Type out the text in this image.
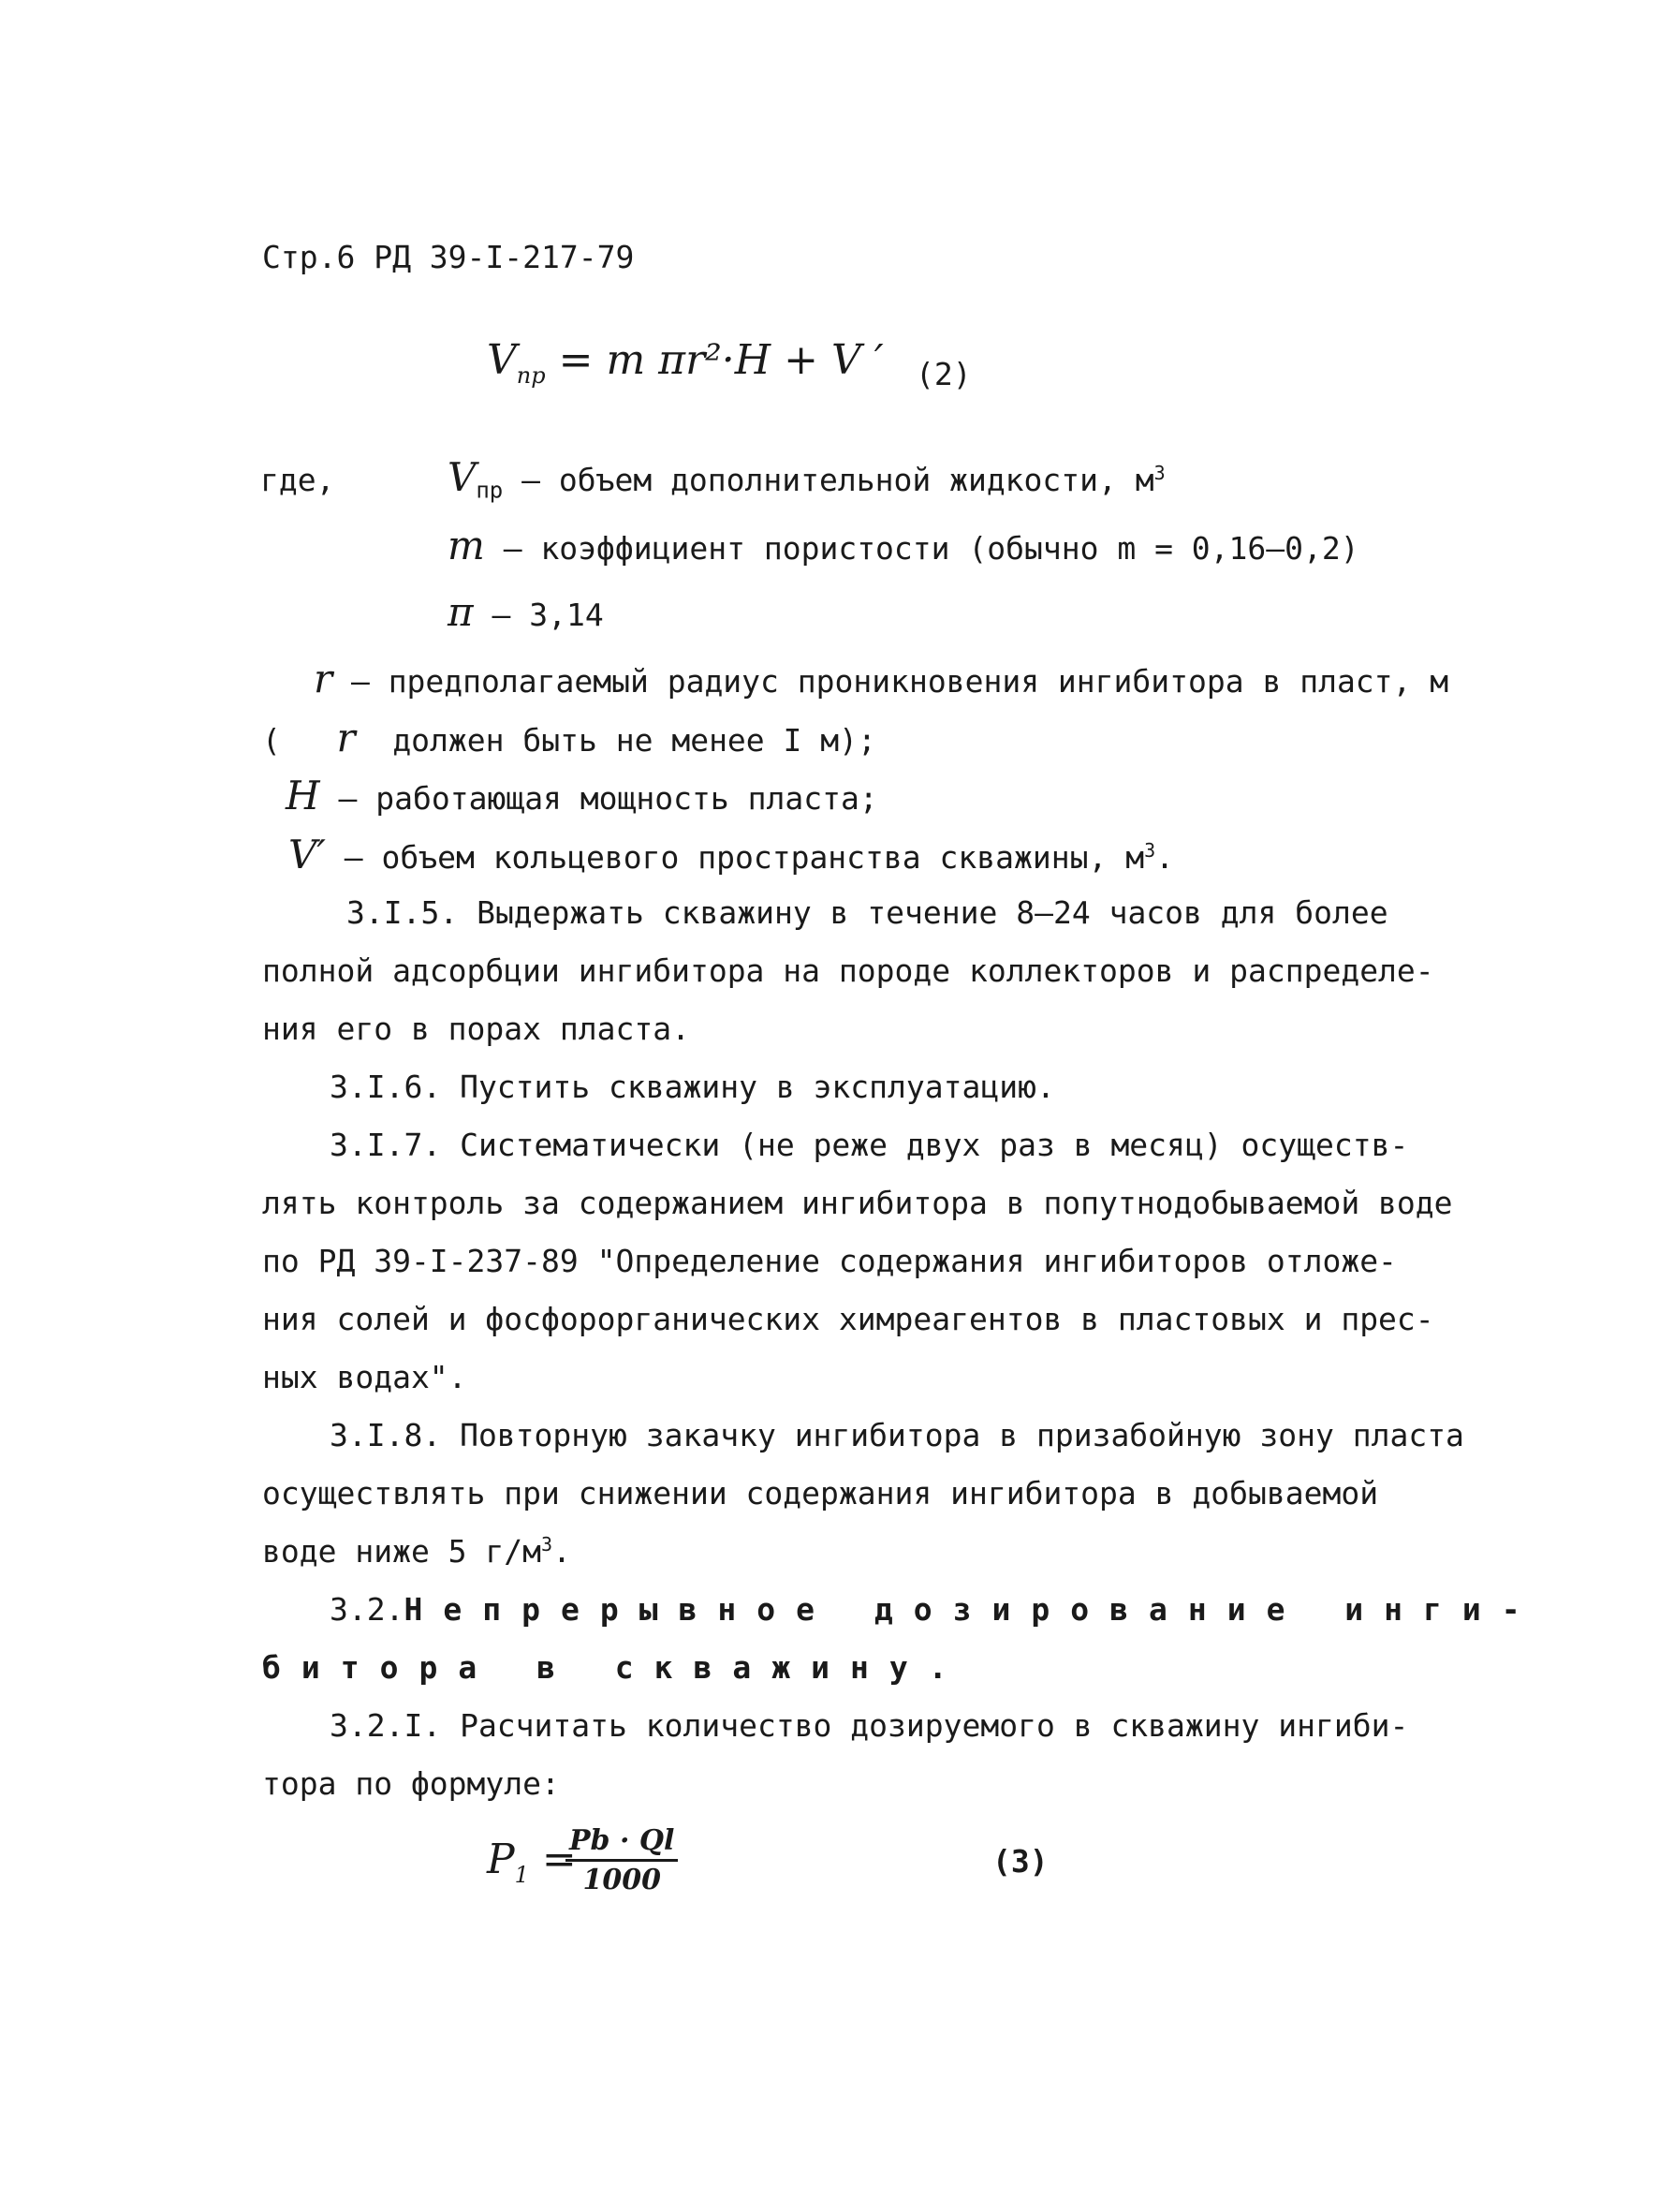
Стр.6 РД 39-I-217-79
$V_{пр} = m$ πr²·H + V ′ (2)
где,	$V_{пр}$ – объем дополнительной жидкости, $м^3$
m – коэффициент пористости (обычно m = 0,16–0,2)
π – 3,14
r – предполагаемый радиус проникновения ингибитора в пласт, м
( r должен быть не менее I м);
H – работающая мощность пласта;
V′ – объем кольцевого пространства скважины, $м^3$.
3.I.5. Выдержать скважину в течение 8–24 часов для более
полной адсорбции ингибитора на породе коллекторов и распределе-
ния его в порах пласта.
3.I.6. Пустить скважину в эксплуатацию.
3.I.7. Систематически (не реже двух раз в месяц) осуществ-
лять контроль за содержанием ингибитора в попутнодобываемой воде
по РД 39-I-237-89 "Определение содержания ингибиторов отложе-
ния солей и фосфорорганических химреагентов в пластовых и прес-
ных водах".
3.I.8. Повторную закачку ингибитора в призабойную зону пласта
осуществлять при снижении содержания ингибитора в добываемой
воде ниже 5 $г/м^3$.
3.2.Непрерывное дозирование инги-
битора в скважину.
3.2.I. Расчитать количество дозируемого в скважину ингиби-
тора по формуле:
$P_1$ =
$\frac{Pb \cdot Ql}{1000}$	(3)
